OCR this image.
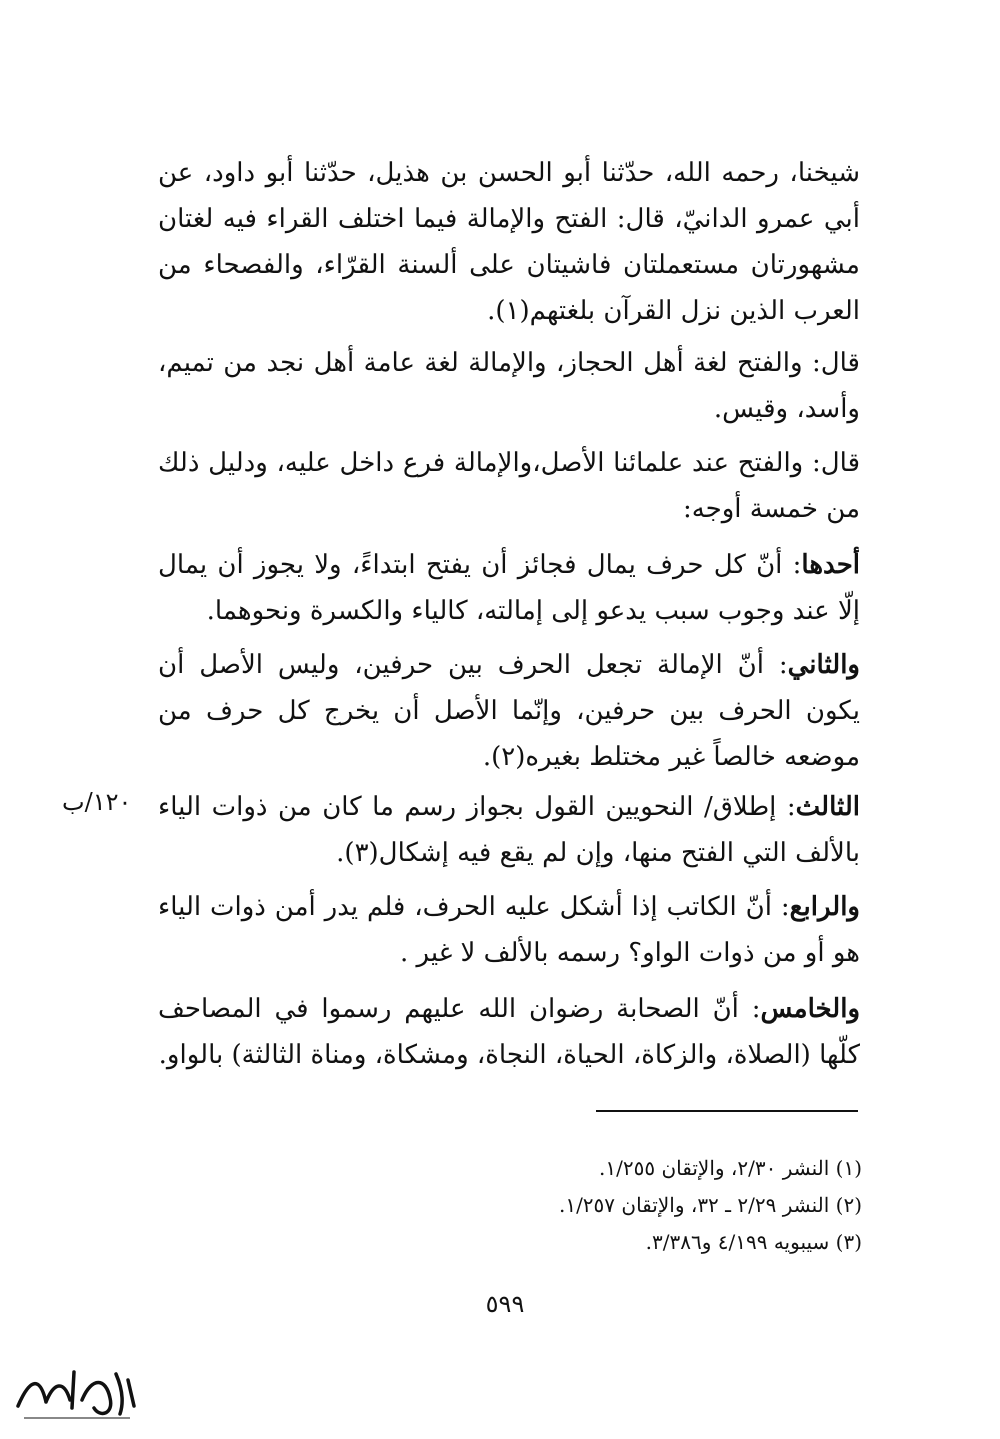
شيخنا، رحمه الله، حدّثنا أبو الحسن بن هذيل، حدّثنا أبو داود، عن أبي عمرو الدانيّ، قال: الفتح والإمالة فيما اختلف القراء فيه لغتان مشهورتان مستعملتان فاشيتان على ألسنة القرّاء، والفصحاء من العرب الذين نزل القرآن بلغتهم(١).
قال: والفتح لغة أهل الحجاز، والإمالة لغة عامة أهل نجد من تميم، وأسد، وقيس.
قال: والفتح عند علمائنا الأصل،والإمالة فرع داخل عليه، ودليل ذلك من خمسة أوجه:
أحدها: أنّ كل حرف يمال فجائز أن يفتح ابتداءً، ولا يجوز أن يمال إلّا عند وجوب سبب يدعو إلى إمالته، كالياء والكسرة ونحوهما.
والثاني: أنّ الإمالة تجعل الحرف بين حرفين، وليس الأصل أن يكون الحرف بين حرفين، وإنّما الأصل أن يخرج كل حرف من موضعه خالصاً غير مختلط بغيره(٢).
الثالث: إطلاق/ النحويين القول بجواز رسم ما كان من ذوات الياء بالألف التي الفتح منها، وإن لم يقع فيه إشكال(٣).
والرابع: أنّ الكاتب إذا أشكل عليه الحرف، فلم يدر أمن ذوات الياء هو أو من ذوات الواو؟ رسمه بالألف لا غير .
والخامس: أنّ الصحابة رضوان الله عليهم رسموا في المصاحف كلّها (الصلاة، والزكاة، الحياة، النجاة، ومشكاة، ومناة الثالثة) بالواو.
١٢٠/ب
(١) النشر ٢/٣٠، والإتقان ١/٢٥٥.
(٢) النشر ٢/٢٩ ـ ٣٢، والإتقان ١/٢٥٧.
(٣) سيبويه ٤/١٩٩ و٣/٣٨٦.
٥٩٩
